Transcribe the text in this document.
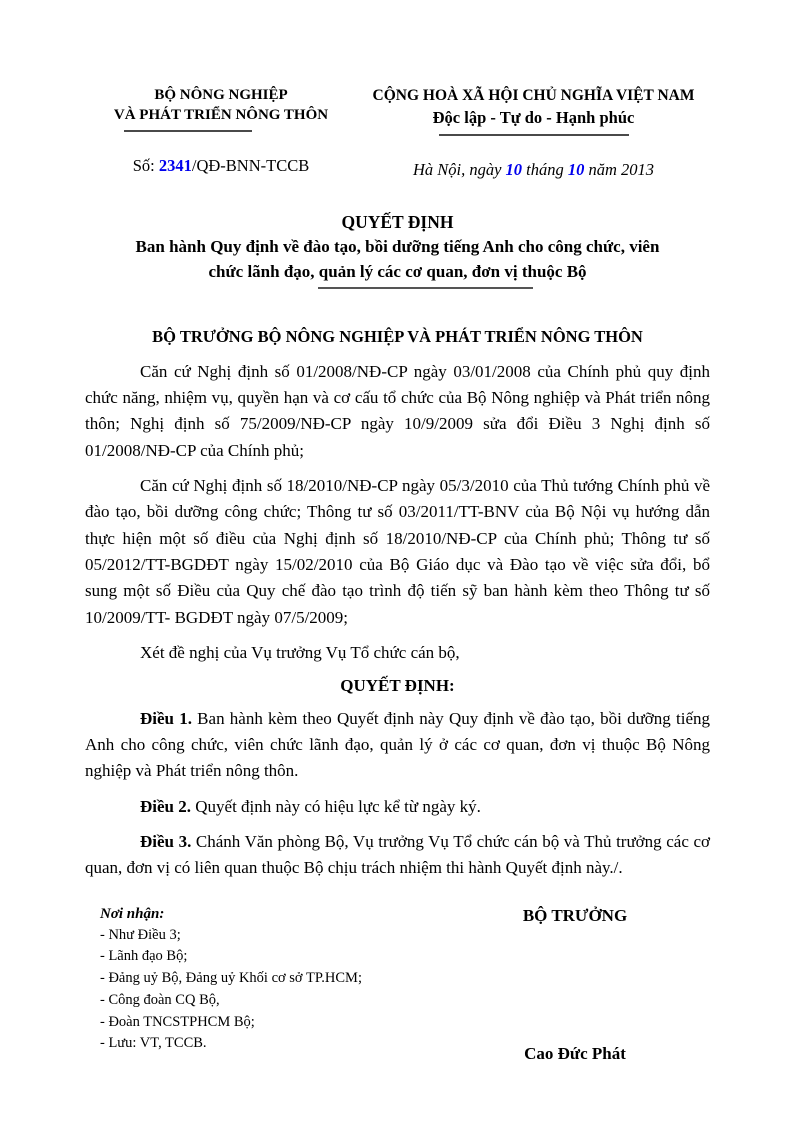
BỘ NÔNG NGHIỆP
VÀ PHÁT TRIỂN NÔNG THÔN
Số: 2341/QĐ-BNN-TCCB
CỘNG HOÀ XÃ HỘI CHỦ NGHĨA VIỆT NAM
Độc lập - Tự do - Hạnh phúc
Hà Nội, ngày 10 tháng 10 năm 2013
QUYẾT ĐỊNH
Ban hành Quy định về đào tạo, bồi dưỡng tiếng Anh cho công chức, viên
chức lãnh đạo, quản lý các cơ quan, đơn vị thuộc Bộ
BỘ TRƯỞNG BỘ NÔNG NGHIỆP VÀ PHÁT TRIỂN NÔNG THÔN

Căn cứ Nghị định số 01/2008/NĐ-CP ngày 03/01/2008 của Chính phủ quy định chức năng, nhiệm vụ, quyền hạn và cơ cấu tổ chức của Bộ Nông nghiệp và Phát triển nông thôn; Nghị định số 75/2009/NĐ-CP ngày 10/9/2009 sửa đổi Điều 3 Nghị định số 01/2008/NĐ-CP của Chính phủ;

Căn cứ Nghị định số 18/2010/NĐ-CP ngày 05/3/2010 của Thủ tướng Chính phủ về đào tạo, bồi dưỡng công chức; Thông tư số 03/2011/TT-BNV của Bộ Nội vụ hướng dẫn thực hiện một số điều của Nghị định số 18/2010/NĐ-CP của Chính phủ; Thông tư số 05/2012/TT-BGDĐT ngày 15/02/2010 của Bộ Giáo dục và Đào tạo về việc sửa đổi, bổ sung một số Điều của Quy chế đào tạo trình độ tiến sỹ ban hành kèm theo Thông tư số 10/2009/TT- BGDĐT ngày 07/5/2009;

Xét đề nghị của Vụ trưởng Vụ Tổ chức cán bộ,

QUYẾT ĐỊNH:

Điều 1. Ban hành kèm theo Quyết định này Quy định về đào tạo, bồi dưỡng tiếng Anh cho công chức, viên chức lãnh đạo, quản lý ở các cơ quan, đơn vị thuộc Bộ Nông nghiệp và Phát triển nông thôn.

Điều 2. Quyết định này có hiệu lực kể từ ngày ký.

Điều 3. Chánh Văn phòng Bộ, Vụ trưởng Vụ Tổ chức cán bộ và Thủ trưởng các cơ quan, đơn vị có liên quan thuộc Bộ chịu trách nhiệm thi hành Quyết định này./.

Nơi nhận:
- Như Điều 3;
- Lãnh đạo Bộ;
- Đảng uỷ Bộ, Đảng uỷ Khối cơ sở TP.HCM;
- Công đoàn CQ Bộ,
- Đoàn TNCSTPHCM Bộ;
- Lưu: VT, TCCB.
BỘ TRƯỞNG
Cao Đức Phát
